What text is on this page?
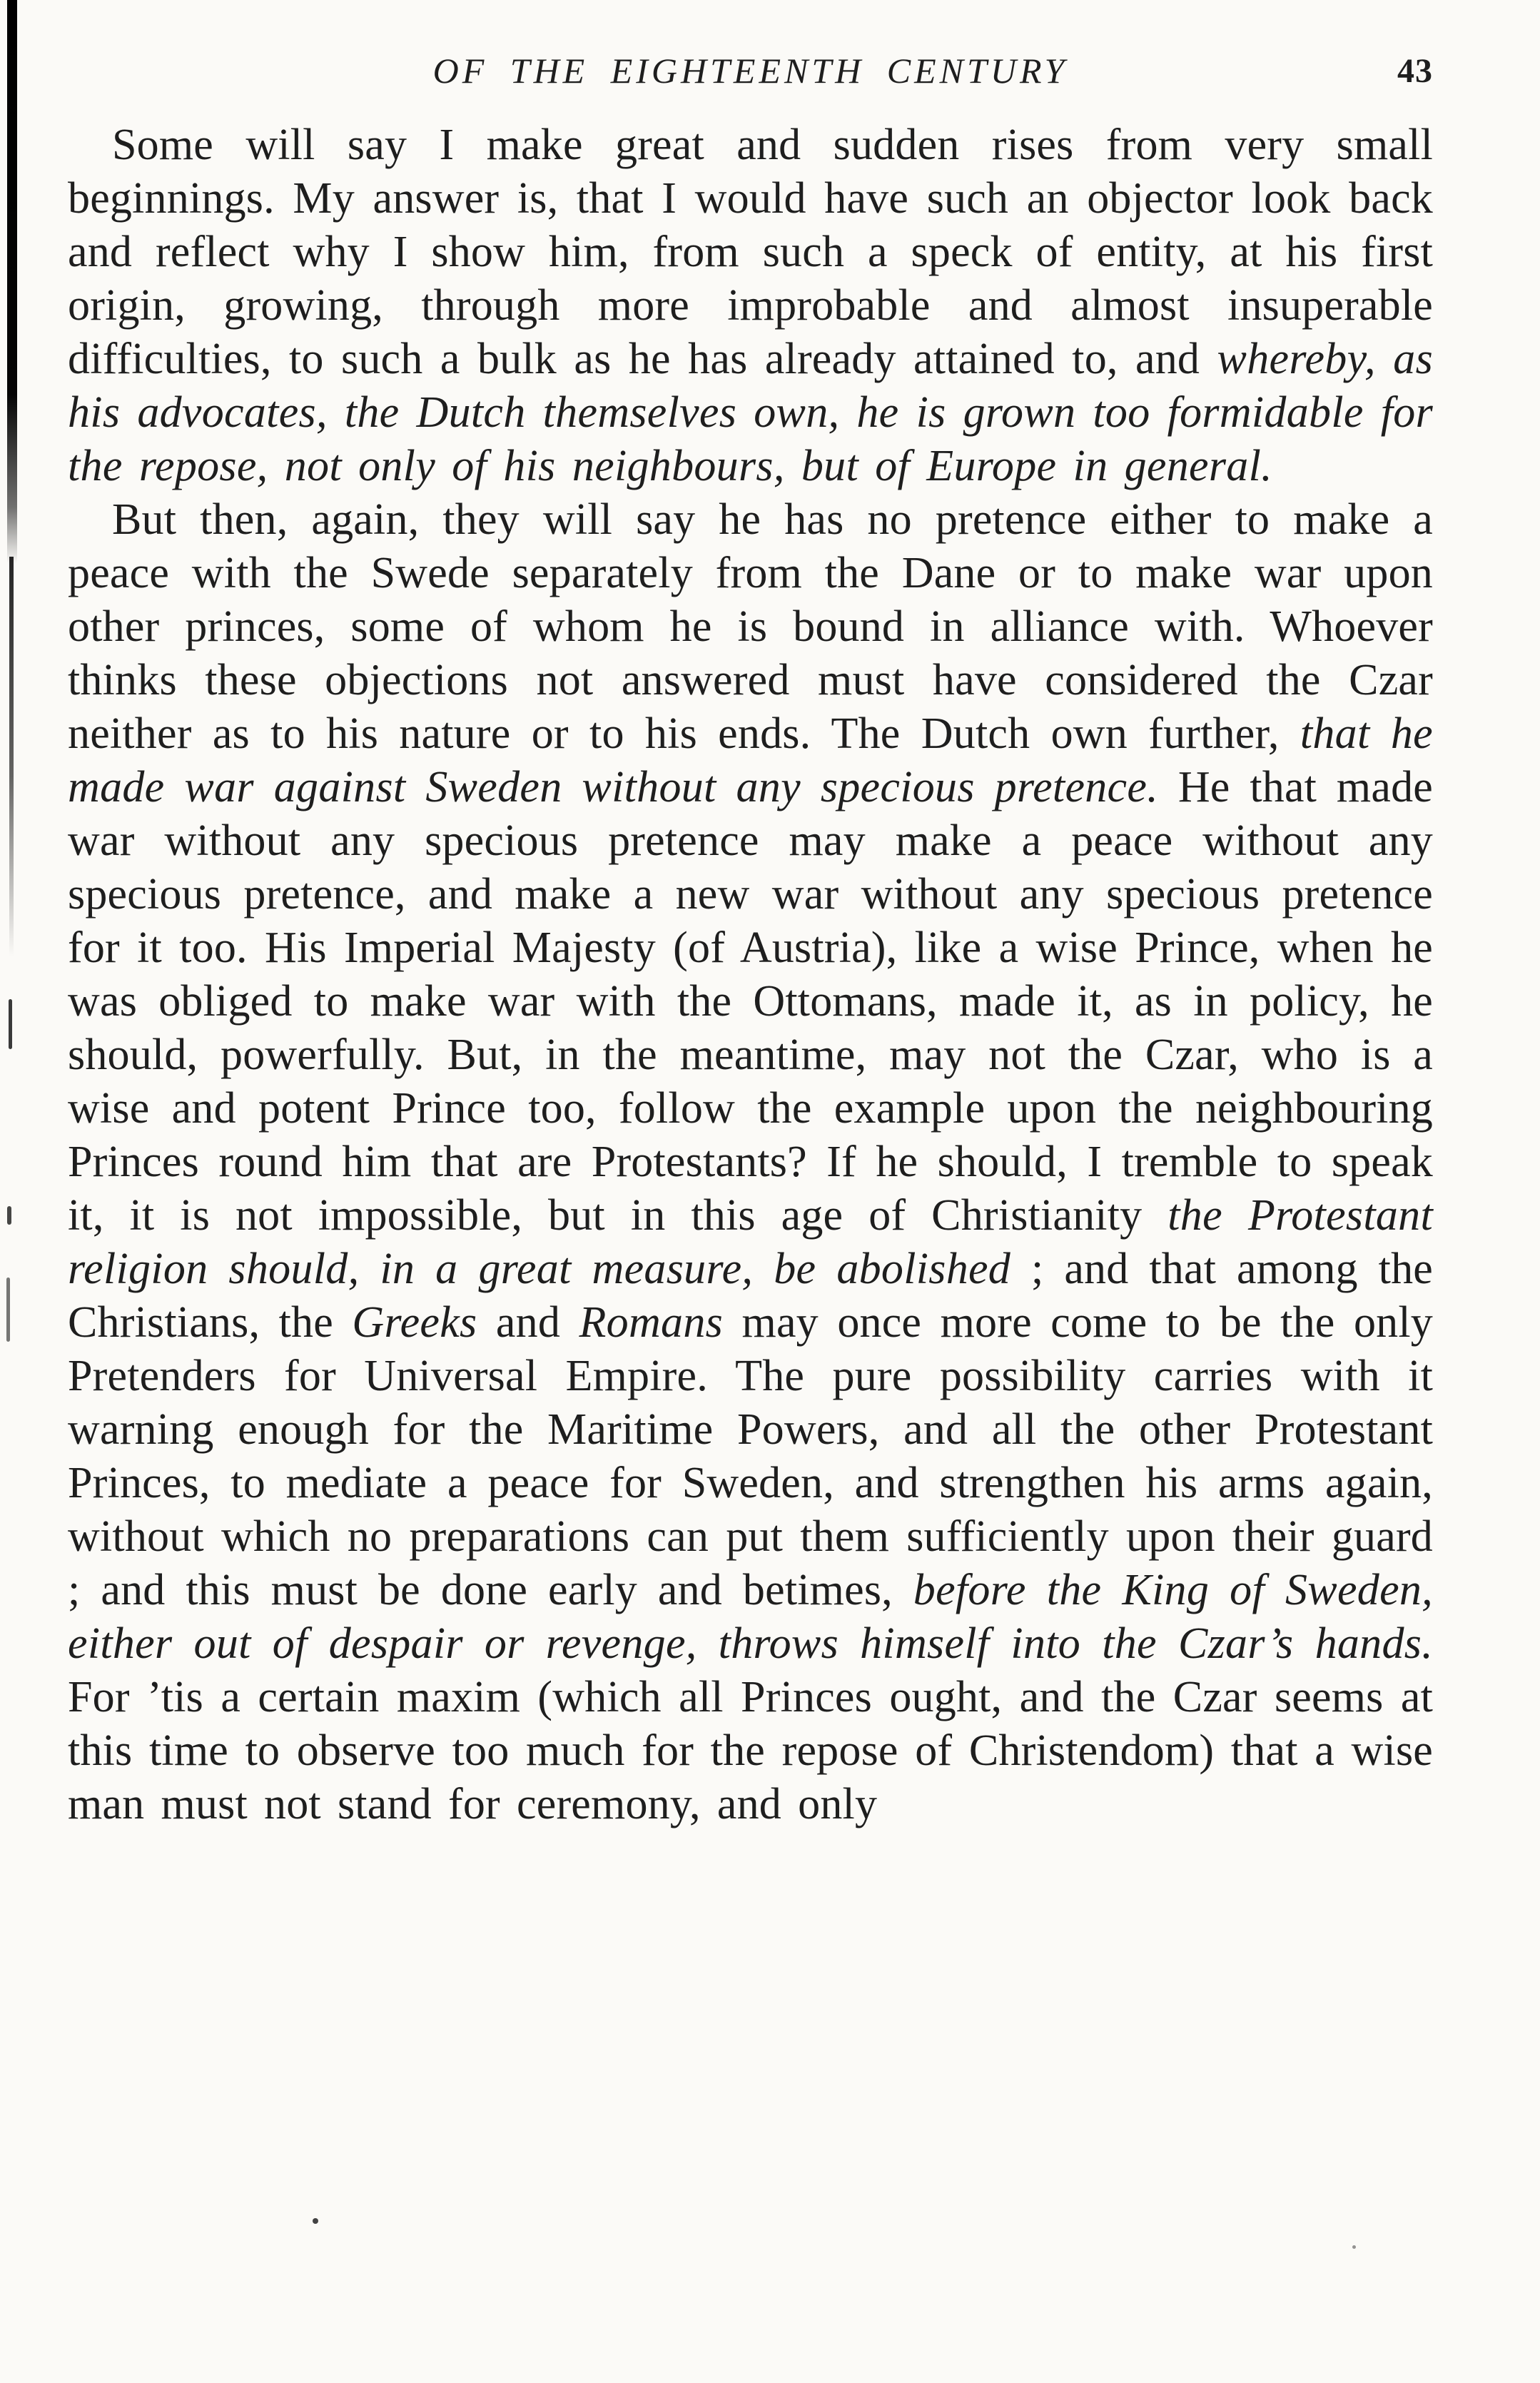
OF THE EIGHTEENTH CENTURY	43

Some will say I make great and sudden rises from very small beginnings. My answer is, that I would have such an objector look back and reflect why I show him, from such a speck of entity, at his first origin, growing, through more improbable and almost insuperable difficulties, to such a bulk as he has already attained to, and whereby, as his advocates, the Dutch themselves own, he is grown too formidable for the repose, not only of his neighbours, but of Europe in general.

But then, again, they will say he has no pretence either to make a peace with the Swede separately from the Dane or to make war upon other princes, some of whom he is bound in alliance with. Whoever thinks these objections not answered must have considered the Czar neither as to his nature or to his ends. The Dutch own further, that he made war against Sweden without any specious pretence. He that made war without any specious pretence may make a peace without any specious pretence, and make a new war without any specious pretence for it too. His Imperial Majesty (of Austria), like a wise Prince, when he was obliged to make war with the Ottomans, made it, as in policy, he should, powerfully. But, in the meantime, may not the Czar, who is a wise and potent Prince too, follow the example upon the neighbouring Princes round him that are Protestants? If he should, I tremble to speak it, it is not impossible, but in this age of Christianity the Protestant religion should, in a great measure, be abolished ; and that among the Christians, the Greeks and Romans may once more come to be the only Pretenders for Universal Empire. The pure possibility carries with it warning enough for the Maritime Powers, and all the other Protestant Princes, to mediate a peace for Sweden, and strengthen his arms again, without which no preparations can put them sufficiently upon their guard ; and this must be done early and betimes, before the King of Sweden, either out of despair or revenge, throws himself into the Czar’s hands. For ’tis a certain maxim (which all Princes ought, and the Czar seems at this time to observe too much for the repose of Christendom) that a wise man must not stand for ceremony, and only
